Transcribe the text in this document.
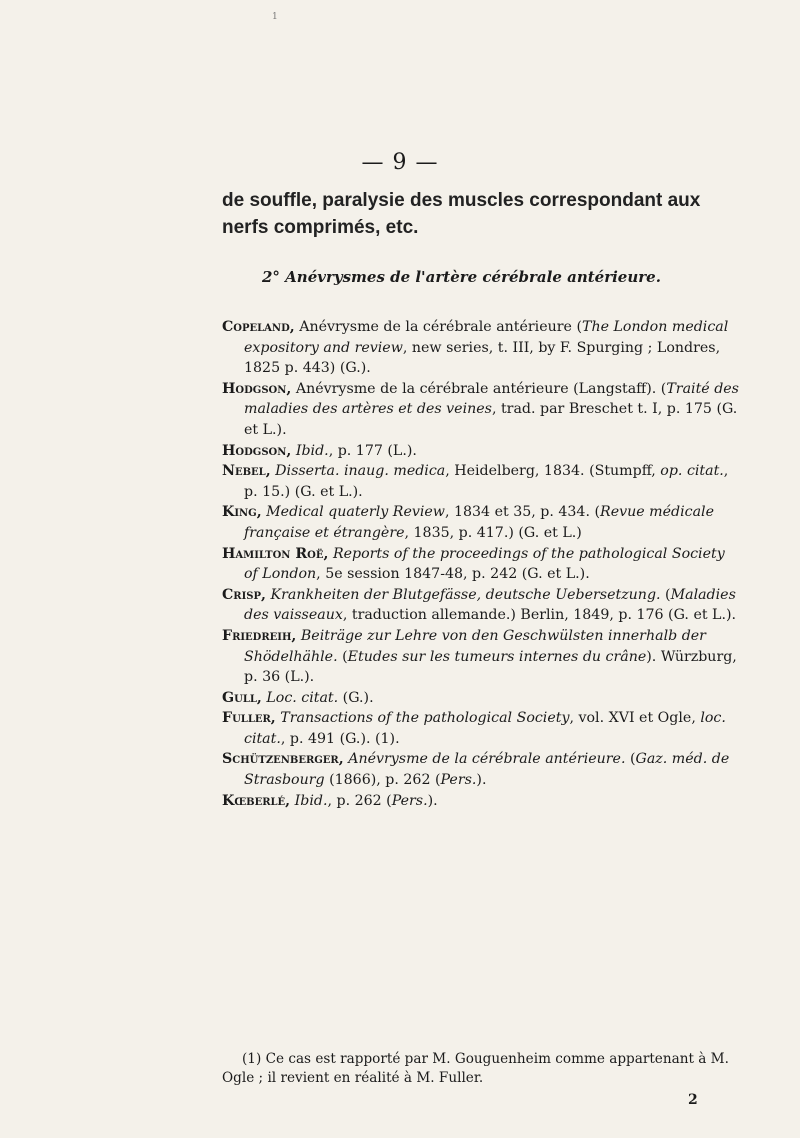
1
— 9 —
de souffle, paralysie des muscles correspondant aux nerfs comprimés, etc.
2° Anévrysmes de l'artère cérébrale antérieure.

Copeland, Anévrysme de la cérébrale antérieure (The London medical expository and review, new series, t. III, by F. Spurging ; Londres, 1825 p. 443) (G.).

Hodgson, Anévrysme de la cérébrale antérieure (Langstaff). (Traité des maladies des artères et des veines, trad. par Breschet t. I, p. 175 (G. et L.).

Hodgson, Ibid., p. 177 (L.).

Nebel, Disserta. inaug. medica, Heidelberg, 1834. (Stumpff, op. citat., p. 15.) (G. et L.).

King, Medical quaterly Review, 1834 et 35, p. 434. (Revue médicale française et étrangère, 1835, p. 417.) (G. et L.)

Hamilton Roë, Reports of the proceedings of the pathological Society of London, 5e session 1847-48, p. 242 (G. et L.).

Crisp, Krankheiten der Blutgefässe, deutsche Uebersetzung. (Maladies des vaisseaux, traduction allemande.) Berlin, 1849, p. 176 (G. et L.).

Friedreih, Beiträge zur Lehre von den Geschwülsten innerhalb der Shödelhähle. (Etudes sur les tumeurs internes du crâne). Würzburg, p. 36 (L.).

Gull, Loc. citat. (G.).

Fuller, Transactions of the pathological Society, vol. XVI et Ogle, loc. citat., p. 491 (G.). (1).

Schützenberger, Anévrysme de la cérébrale antérieure. (Gaz. méd. de Strasbourg (1866), p. 262 (Pers.).

Kœberlé, Ibid., p. 262 (Pers.).

(1) Ce cas est rapporté par M. Gouguenheim comme appartenant à M. Ogle ; il revient en réalité à M. Fuller.

2
